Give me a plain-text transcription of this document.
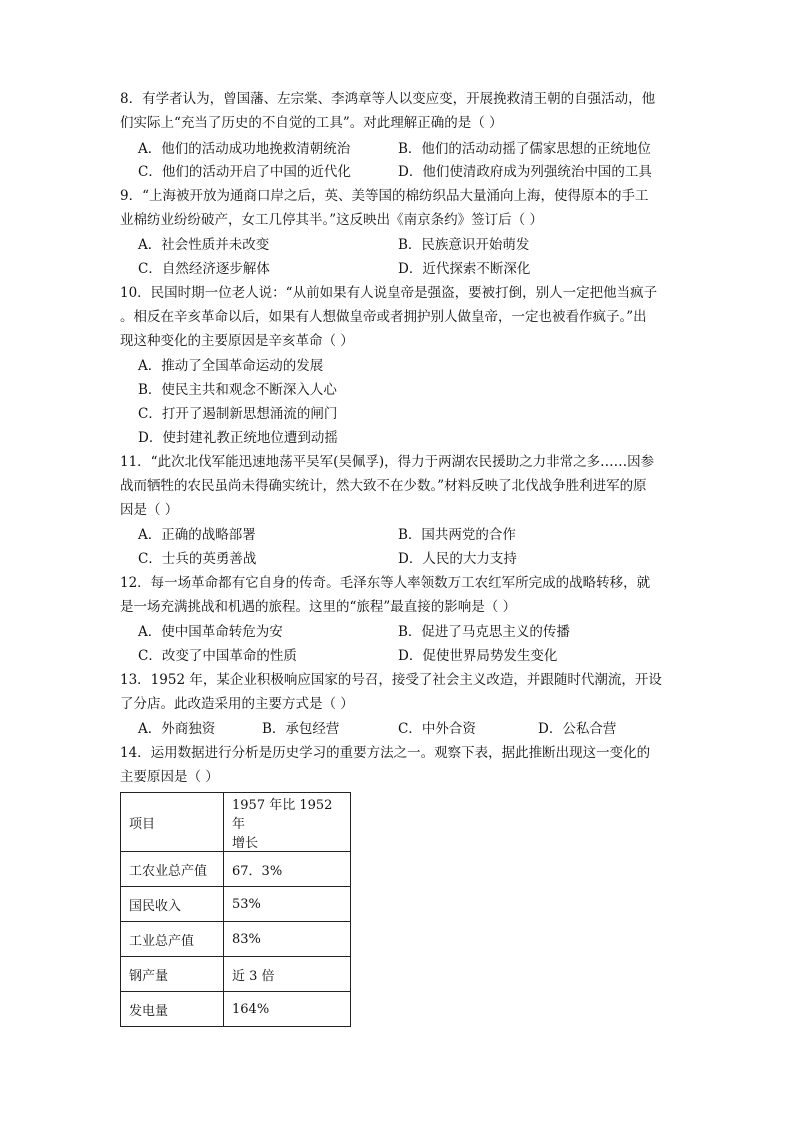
8．有学者认为，曾国藩、左宗棠、李鸿章等人以变应变，开展挽救清王朝的自强活动，他
们实际上“充当了历史的不自觉的工具”。对此理解正确的是（ ）
A．他们的活动成功地挽救清朝统治	B．他们的活动动摇了儒家思想的正统地位
C．他们的活动开启了中国的近代化	D．他们使清政府成为列强统治中国的工具
9．“上海被开放为通商口岸之后，英、美等国的棉纺织品大量涌向上海，使得原本的手工
业棉纺业纷纷破产，女工几停其半。”这反映出《南京条约》签订后（ ）
A．社会性质并未改变	B．民族意识开始萌发
C．自然经济逐步解体	D．近代探索不断深化
10．民国时期一位老人说：“从前如果有人说皇帝是强盗，要被打倒，别人一定把他当疯子
。相反在辛亥革命以后，如果有人想做皇帝或者拥护别人做皇帝，一定也被看作疯子。”出
现这种变化的主要原因是辛亥革命（ ）
A．推动了全国革命运动的发展
B．使民主共和观念不断深入人心
C．打开了遏制新思想涌流的闸门
D．使封建礼教正统地位遭到动摇
11．“此次北伐军能迅速地荡平吴军(吴佩孚)，得力于两湖农民援助之力非常之多……因参
战而牺牲的农民虽尚未得确实统计，然大致不在少数。”材料反映了北伐战争胜利进军的原
因是（ ）
A．正确的战略部署	B．国共两党的合作
C．士兵的英勇善战	D．人民的大力支持
12．每一场革命都有它自身的传奇。毛泽东等人率领数万工农红军所完成的战略转移，就
是一场充满挑战和机遇的旅程。这里的“旅程”最直接的影响是（ ）
A．使中国革命转危为安	B．促进了马克思主义的传播
C．改变了中国革命的性质	D．促使世界局势发生变化
13．1952 年，某企业积极响应国家的号召，接受了社会主义改造，并跟随时代潮流，开设
了分店。此改造采用的主要方式是（ ）
A．外商独资	B．承包经营	C．中外合资	D．公私合营
14．运用数据进行分析是历史学习的重要方法之一。观察下表，据此推断出现这一变化的
主要原因是（ ）
项目	1957 年比 1952 年
增长

工农业总产值	67．3%
国民收入	53%
工业总产值	83%
钢产量	近 3 倍
发电量	164%
